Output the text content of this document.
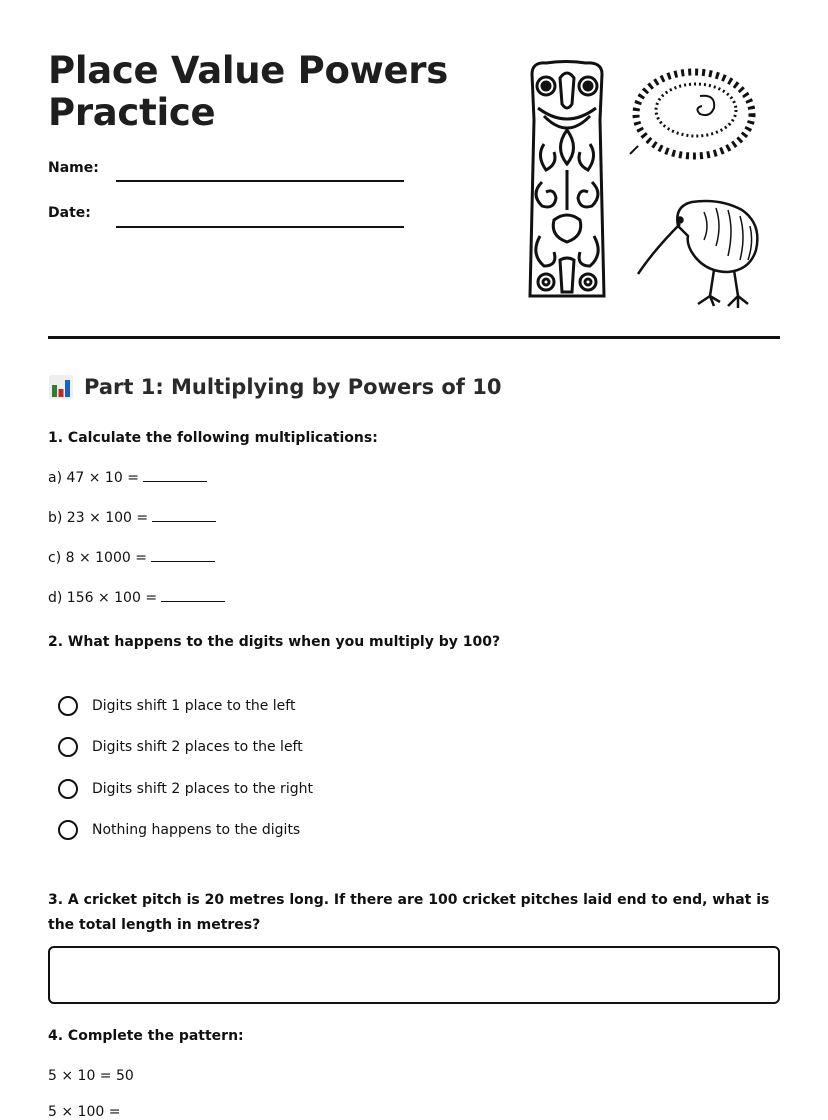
Place Value Powers Practice
Name:
Date:
Part 1: Multiplying by Powers of 10
1. Calculate the following multiplications:
a) 47 × 10 =
b) 23 × 100 =
c) 8 × 1000 =
d) 156 × 100 =
2. What happens to the digits when you multiply by 100?
Digits shift 1 place to the left
Digits shift 2 places to the left
Digits shift 2 places to the right
Nothing happens to the digits
3. A cricket pitch is 20 metres long. If there are 100 cricket pitches laid end to end, what is the total length in metres?
4. Complete the pattern:
5 × 10 = 50
5 × 100 =
